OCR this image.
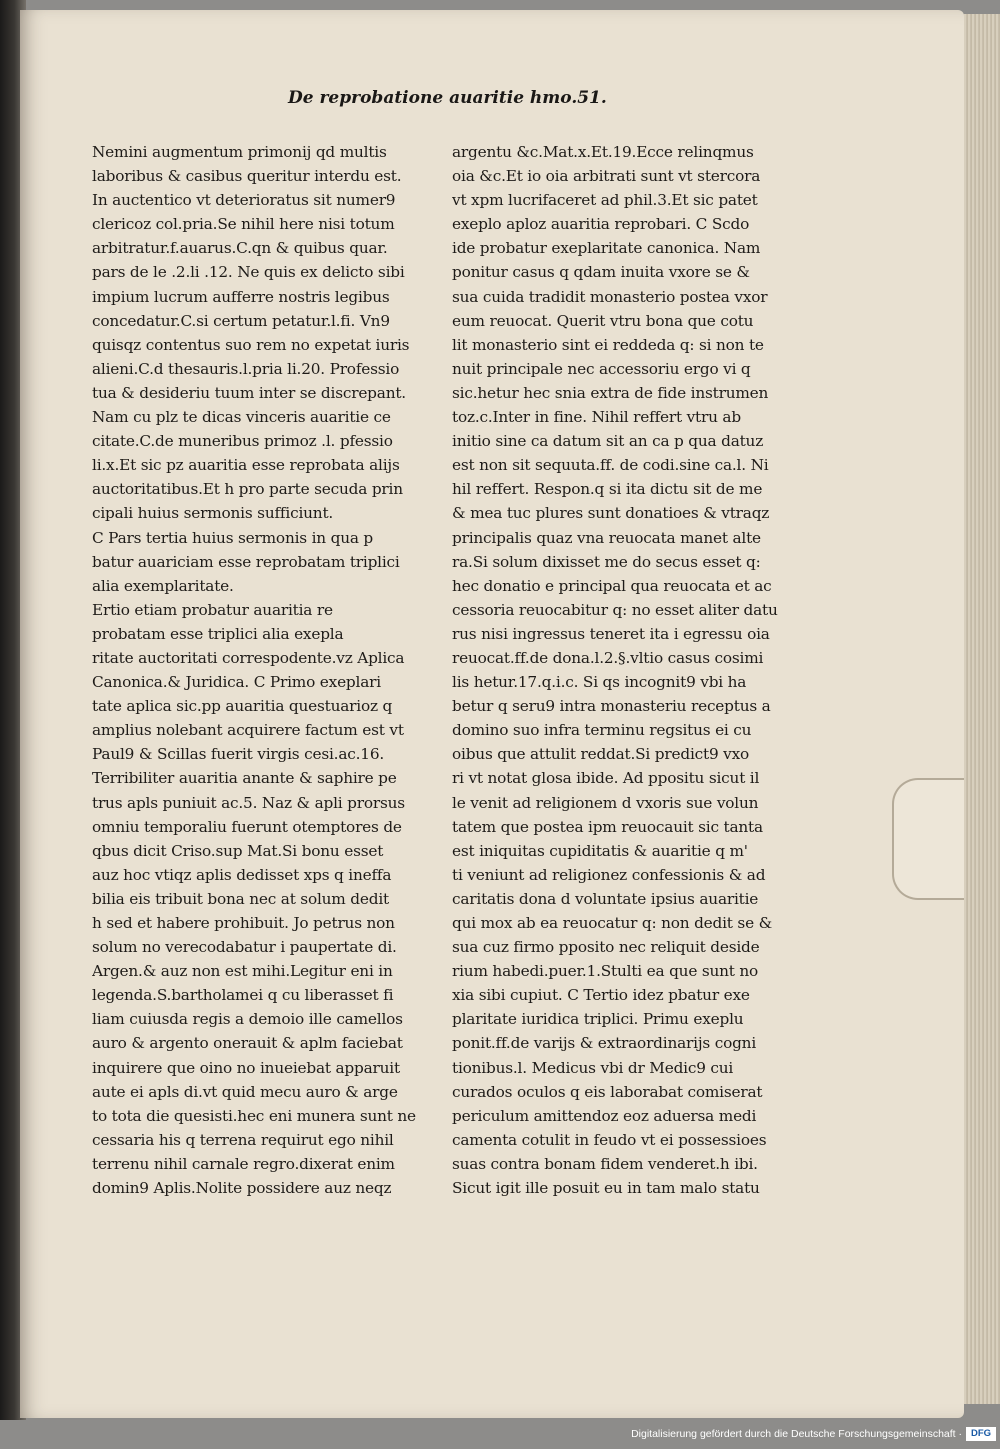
De reprobatione auaritie hmo.51.
Nemini augmentum primonij qd multis
laboribus & casibus queritur interdu est.
In auctentico vt deterioratus sit numer9
clericoz col.pria.Se nihil here nisi totum
arbitratur.f.auarus.C.qn & quibus quar.
pars de le .2.li .12. Ne quis ex delicto sibi
impium lucrum aufferre nostris legibus
concedatur.C.si certum petatur.l.fi. Vn9
quisqz contentus suo rem no expetat iuris
alieni.C.d thesauris.l.pria li.20. Professio
tua & desideriu tuum inter se discrepant.
Nam cu plz te dicas vinceris auaritie ce
citate.C.de muneribus primoz .l. pfessio
li.x.Et sic pz auaritia esse reprobata alijs
auctoritatibus.Et h pro parte secuda prin
cipali huius sermonis sufficiunt.
C Pars tertia huius sermonis in qua p
batur auariciam esse reprobatam triplici
alia exemplaritate.
Ertio etiam probatur auaritia re
probatam esse triplici alia exepla
ritate auctoritati correspodente.vz Aplica
Canonica.& Juridica. C Primo exeplari
tate aplica sic.pp auaritia questuarioz q
amplius nolebant acquirere factum est vt
Paul9 & Scillas fuerit virgis cesi.ac.16.
Terribiliter auaritia anante & saphire pe
trus apls puniuit ac.5. Naz & apli prorsus
omniu temporaliu fuerunt otemptores de
qbus dicit Criso.sup Mat.Si bonu esset
auz hoc vtiqz aplis dedisset xps q ineffa
bilia eis tribuit bona nec at solum dedit
h sed et habere prohibuit. Jo petrus non
solum no verecodabatur i paupertate di.
Argen.& auz non est mihi.Legitur eni in
legenda.S.bartholamei q cu liberasset fi
liam cuiusda regis a demoio ille camellos
auro & argento onerauit & aplm faciebat
inquirere que oino no inueiebat apparuit
aute ei apls di.vt quid mecu auro & arge
to tota die quesisti.hec eni munera sunt ne
cessaria his q terrena requirut ego nihil
terrenu nihil carnale regro.dixerat enim
domin9 Aplis.Nolite possidere auz neqz
argentu &c.Mat.x.Et.19.Ecce relinqmus
oia &c.Et io oia arbitrati sunt vt stercora
vt xpm lucrifaceret ad phil.3.Et sic patet
exeplo aploz auaritia reprobari. C Scdo
ide probatur exeplaritate canonica. Nam
ponitur casus q qdam inuita vxore se &
sua cuida tradidit monasterio postea vxor
eum reuocat. Querit vtru bona que cotu
lit monasterio sint ei reddeda q: si non te
nuit principale nec accessoriu ergo vi q
sic.hetur hec snia extra de fide instrumen
toz.c.Inter in fine. Nihil reffert vtru ab
initio sine ca datum sit an ca p qua datuz
est non sit sequuta.ff. de codi.sine ca.l. Ni
hil reffert. Respon.q si ita dictu sit de me
& mea tuc plures sunt donatioes & vtraqz
principalis quaz vna reuocata manet alte
ra.Si solum dixisset me do secus esset q:
hec donatio e principal qua reuocata et ac
cessoria reuocabitur q: no esset aliter datu
rus nisi ingressus teneret ita i egressu oia
reuocat.ff.de dona.l.2.§.vltio casus cosimi
lis hetur.17.q.i.c. Si qs incognit9 vbi ha
betur q seru9 intra monasteriu receptus a
domino suo infra terminu regsitus ei cu
oibus que attulit reddat.Si predict9 vxo
ri vt notat glosa ibide. Ad ppositu sicut il
le venit ad religionem d vxoris sue volun
tatem que postea ipm reuocauit sic tanta
est iniquitas cupiditatis & auaritie q m'
ti veniunt ad religionez confessionis & ad
caritatis dona d voluntate ipsius auaritie
qui mox ab ea reuocatur q: non dedit se &
sua cuz firmo pposito nec reliquit deside
rium habedi.puer.1.Stulti ea que sunt no
xia sibi cupiut. C Tertio idez pbatur exe
plaritate iuridica triplici. Primu exeplu
ponit.ff.de varijs & extraordinarijs cogni
tionibus.l. Medicus vbi dr Medic9 cui
curados oculos q eis laborabat comiserat
periculum amittendoz eoz aduersa medi
camenta cotulit in feudo vt ei possessioes
suas contra bonam fidem venderet.h ibi.
Sicut igit ille posuit eu in tam malo statu
Digitalisierung gefördert durch die Deutsche Forschungsgemeinschaft · DFG
